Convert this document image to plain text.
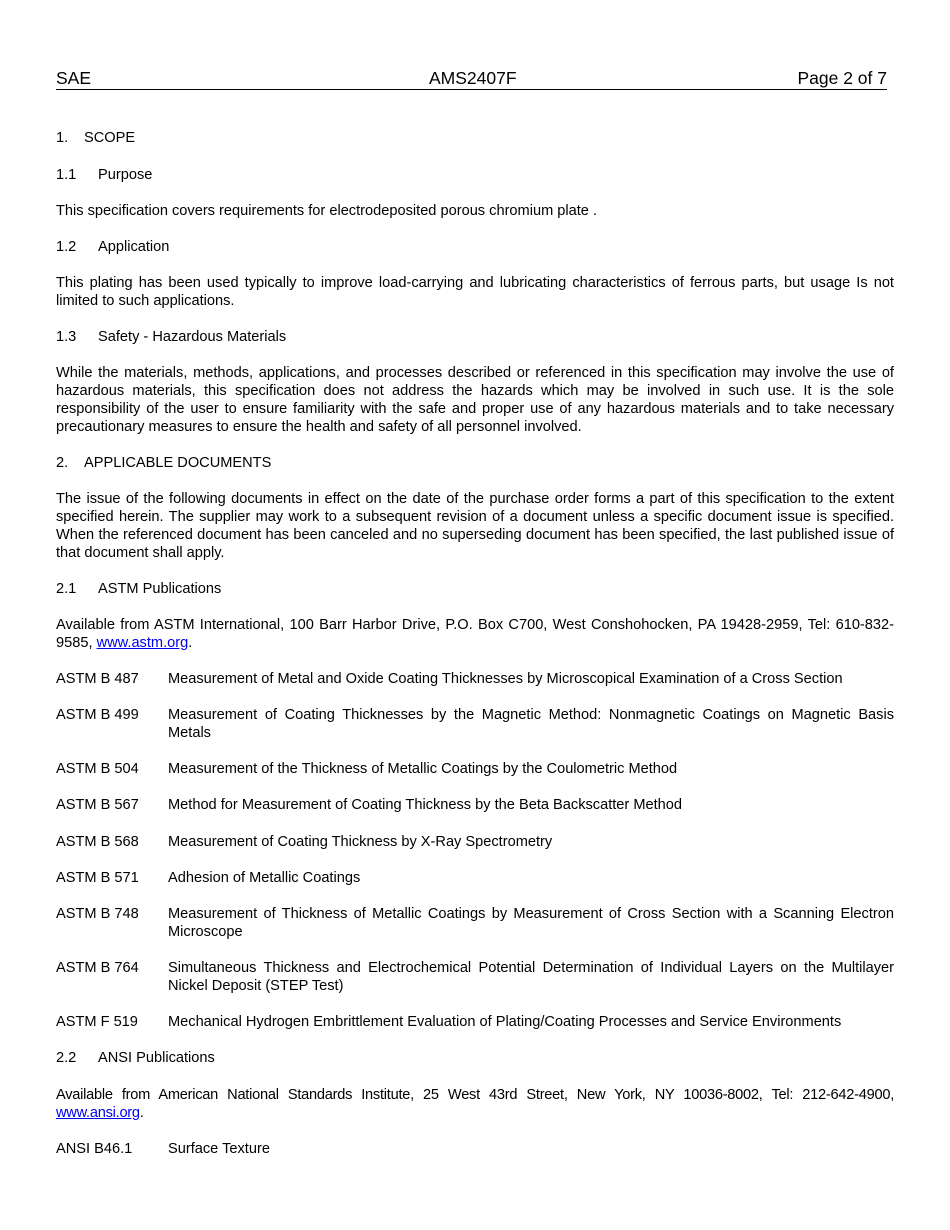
SAE	AMS2407F	Page 2 of 7
1. SCOPE
1.1 Purpose
This specification covers requirements for electrodeposited porous chromium plate .
1.2 Application
This plating has been used typically to improve load-carrying and lubricating characteristics of ferrous parts, but usage Is not limited to such applications.
1.3 Safety - Hazardous Materials
While the materials, methods, applications, and processes described or referenced in this specification may involve the use of hazardous materials, this specification does not address the hazards which may be involved in such use. It is the sole responsibility of the user to ensure familiarity with the safe and proper use of any hazardous materials and to take necessary precautionary measures to ensure the health and safety of all personnel involved.
2. APPLICABLE DOCUMENTS
The issue of the following documents in effect on the date of the purchase order forms a part of this specification to the extent specified herein. The supplier may work to a subsequent revision of a document unless a specific document issue is specified. When the referenced document has been canceled and no superseding document has been specified, the last published issue of that document shall apply.
2.1 ASTM Publications
Available from ASTM International, 100 Barr Harbor Drive, P.O. Box C700, West Conshohocken, PA 19428-2959, Tel: 610-832-9585, www.astm.org.
ASTM B 487	Measurement of Metal and Oxide Coating Thicknesses by Microscopical Examination of a Cross Section
ASTM B 499	Measurement of Coating Thicknesses by the Magnetic Method: Nonmagnetic Coatings on Magnetic Basis Metals
ASTM B 504	Measurement of the Thickness of Metallic Coatings by the Coulometric Method
ASTM B 567	Method for Measurement of Coating Thickness by the Beta Backscatter Method
ASTM B 568	Measurement of Coating Thickness by X-Ray Spectrometry
ASTM B 571	Adhesion of Metallic Coatings
ASTM B 748	Measurement of Thickness of Metallic Coatings by Measurement of Cross Section with a Scanning Electron Microscope
ASTM B 764	Simultaneous Thickness and Electrochemical Potential Determination of Individual Layers on the Multilayer Nickel Deposit (STEP Test)
ASTM F 519	Mechanical Hydrogen Embrittlement Evaluation of Plating/Coating Processes and Service Environments
2.2 ANSI Publications
Available from American National Standards Institute, 25 West 43rd Street, New York, NY 10036-8002, Tel: 212-642-4900, www.ansi.org.
ANSI B46.1	Surface Texture
